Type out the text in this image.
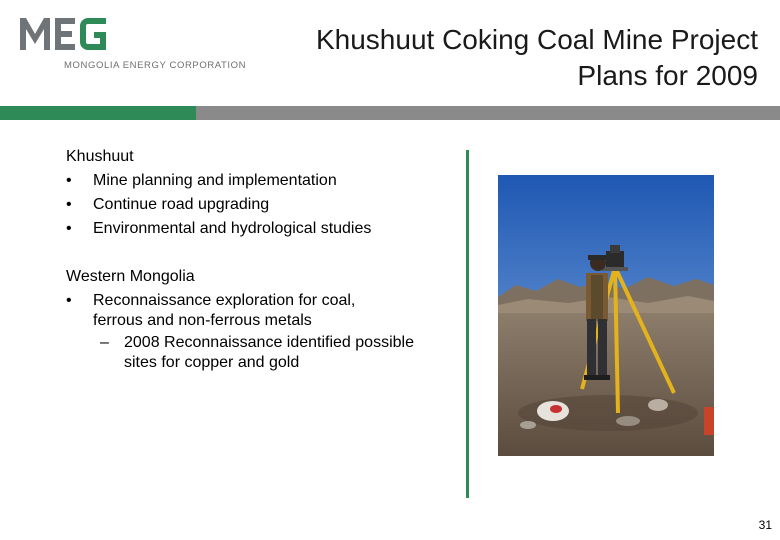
MONGOLIA ENERGY CORPORATION
Khushuut Coking Coal Mine Project
Plans for 2009
Khushuut
• Mine planning and implementation
• Continue road upgrading
• Environmental and hydrological studies
Western Mongolia
• Reconnaissance exploration for coal, ferrous and non-ferrous metals
– 2008 Reconnaissance identified possible sites for copper and gold
31
